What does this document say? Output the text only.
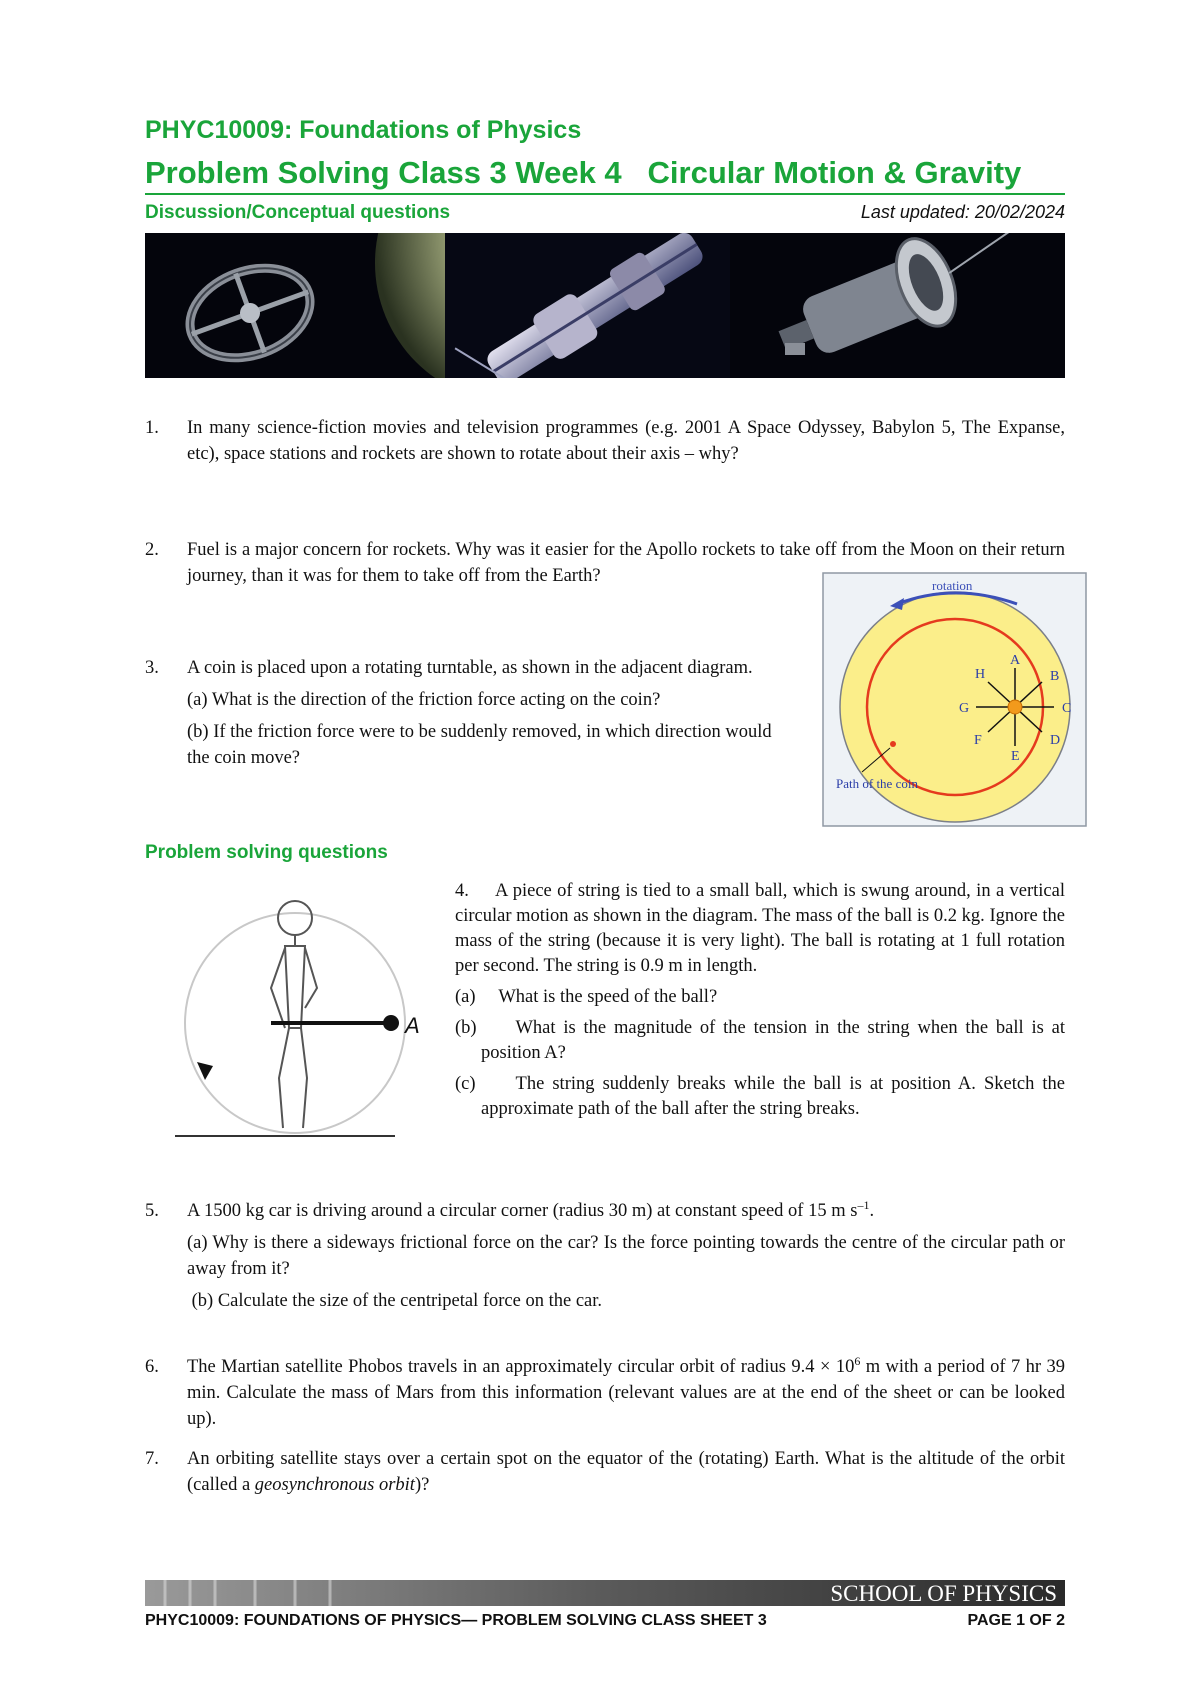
PHYC10009: Foundations of Physics
Problem Solving Class 3 Week 4   Circular Motion & Gravity
Discussion/Conceptual questions	Last updated: 20/02/2024
1. In many science-fiction movies and television programmes (e.g. 2001 A Space Odyssey, Babylon 5, The Expanse, etc), space stations and rockets are shown to rotate about their axis – why?

2. Fuel is a major concern for rockets. Why was it easier for the Apollo rockets to take off from the Moon on their return journey, than it was for them to take off from the Earth?

3. A coin is placed upon a rotating turntable, as shown in the adjacent diagram.

(a) What is the direction of the friction force acting on the coin?

(b) If the friction force were to be suddenly removed, in which direction would the coin move?

rotation
A
B
C
D
E
F
G
H
Path of the coin
Problem solving questions
A

4. A piece of string is tied to a small ball, which is swung around, in a vertical circular motion as shown in the diagram. The mass of the ball is 0.2 kg. Ignore the mass of the string (because it is very light). The ball is rotating at 1 full rotation per second. The string is 0.9 m in length.

(a)     What is the speed of the ball?

(b)     What is the magnitude of the tension in the string when the ball is at position A?

(c)     The string suddenly breaks while the ball is at position A. Sketch the approximate path of the ball after the string breaks.

5. A 1500 kg car is driving around a circular corner (radius 30 m) at constant speed of 15 m $s^{-1}$.

(a) Why is there a sideways frictional force on the car? Is the force pointing towards the centre of the circular path or away from it?

(b) Calculate the size of the centripetal force on the car.

6. The Martian satellite Phobos travels in an approximately circular orbit of radius $9.4 \times 10^6$ m with a period of 7 hr 39 min. Calculate the mass of Mars from this information (relevant values are at the end of the sheet or can be looked up).

7. An orbiting satellite stays over a certain spot on the equator of the (rotating) Earth. What is the altitude of the orbit (called a geosynchronous orbit)?

SCHOOL OF PHYSICS
PHYC10009: FOUNDATIONS OF PHYSICS— PROBLEM SOLVING CLASS SHEET 3	PAGE 1 OF 2
